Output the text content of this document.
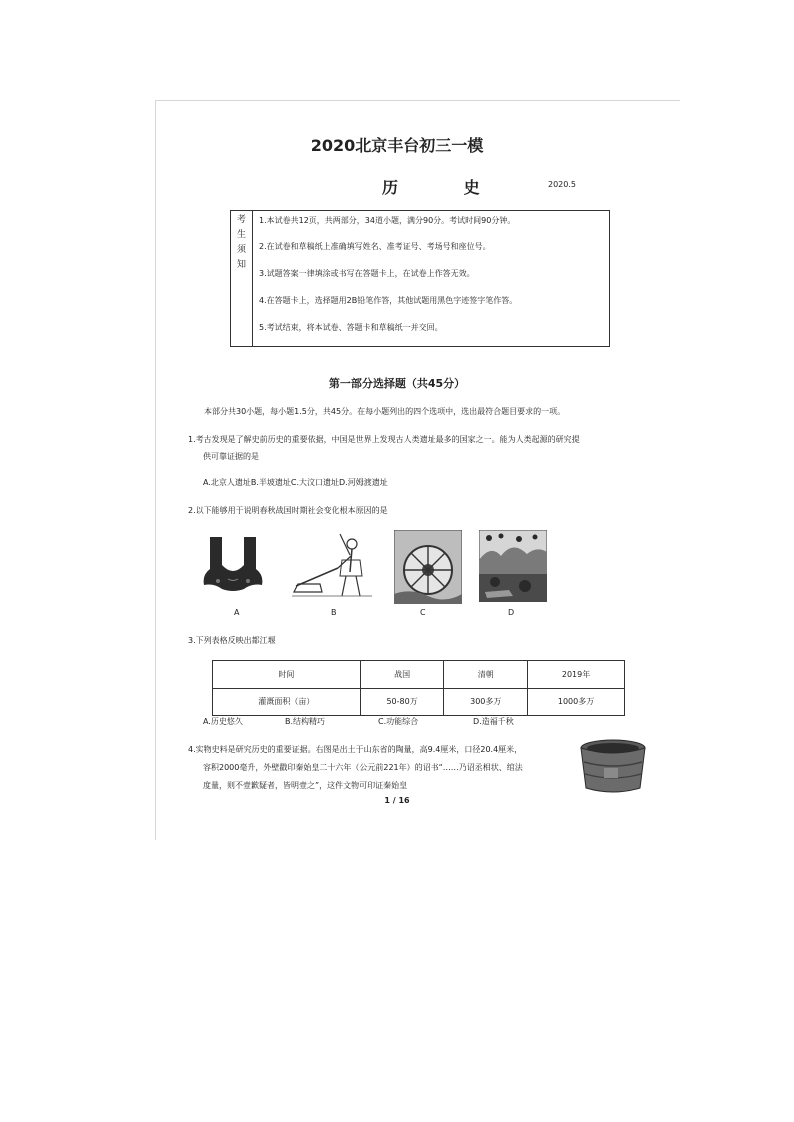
2020北京丰台初三一模
历 史	2020.5
考
生
须
知
1.本试卷共12页，共两部分，34道小题，满分90分。考试时间90分钟。
2.在试卷和草稿纸上准确填写姓名、准考证号、考场号和座位号。
3.试题答案一律填涂或书写在答题卡上，在试卷上作答无效。
4.在答题卡上，选择题用2B铅笔作答，其他试题用黑色字迹签字笔作答。
5.考试结束，将本试卷、答题卡和草稿纸一并交回。
第一部分选择题（共45分）
本部分共30小题，每小题1.5分，共45分。在每小题列出的四个选项中，选出最符合题目要求的一项。
1.考古发现是了解史前历史的重要依据，中国是世界上发现古人类遗址最多的国家之一。能为人类起源的研究提
供可靠证据的是
A.北京人遗址B.半坡遗址C.大汶口遗址D.河姆渡遗址
2.以下能够用于说明春秋战国时期社会变化根本原因的是
A	B	C	D
3.下列表格反映出都江堰
时间	战国	清朝	2019年
灌溉面积（亩）	50-80万	300多万	1000多万
A.历史悠久	B.结构精巧	C.功能综合	D.造福千秋
4.实物史料是研究历史的重要证据。右图是出土于山东省的陶量，高9.4厘米，口径20.4厘米，
容积2000毫升，外壁戳印秦始皇二十六年（公元前221年）的诏书“……乃诏丞相状、绾法
度量，则不壹歉疑者，皆明壹之”，这件文物可印证秦始皇
1 / 16
